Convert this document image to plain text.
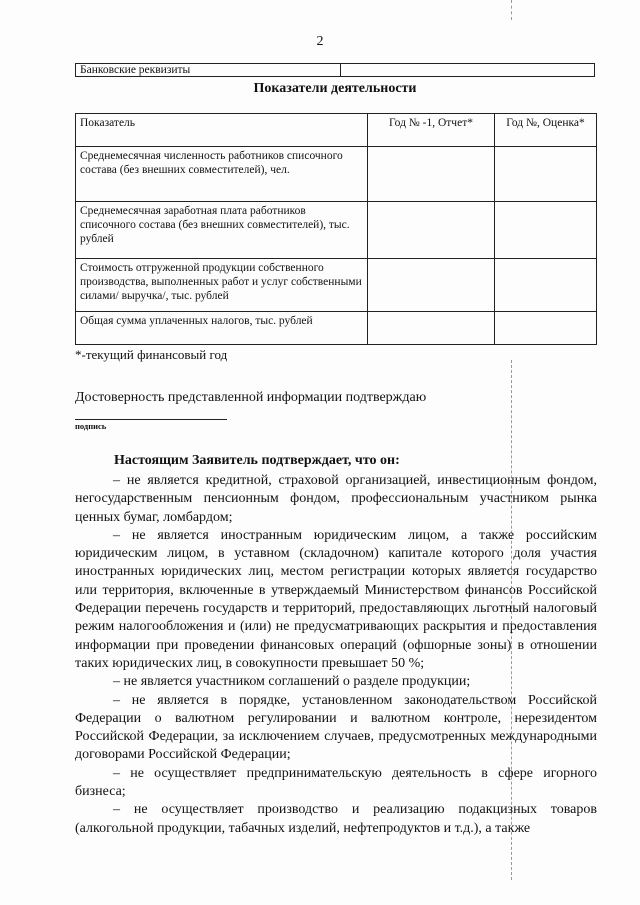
2
Банковские реквизиты
Показатели деятельности
Показатель	Год № -1, Отчет*	Год №, Оценка*
Среднемесячная численность работников списочного состава (без внешних совместителей), чел.		
Среднемесячная заработная плата работников списочного состава (без внешних совместителей), тыс. рублей		
Стоимость отгруженной продукции собственного производства, выполненных работ и услуг собственными силами/ выручка/, тыс. рублей		
Общая сумма уплаченных налогов, тыс. рублей		
*-текущий финансовый год
Достоверность представленной информации подтверждаю
подпись
Настоящим Заявитель подтверждает, что он:

– не является кредитной, страховой организацией, инвестиционным фондом, негосударственным пенсионным фондом, профессиональным участником рынка ценных бумаг, ломбардом;

– не является иностранным юридическим лицом, а также российским юридическим лицом, в уставном (складочном) капитале которого доля участия иностранных юридических лиц, местом регистрации которых является государство или территория, включенные в утверждаемый Министерством финансов Российской Федерации перечень государств и территорий, предоставляющих льготный налоговый режим налогообложения и (или) не предусматривающих раскрытия и предоставления информации при проведении финансовых операций (офшорные зоны) в отношении таких юридических лиц, в совокупности превышает 50 %;

– не является участником соглашений о разделе продукции;

– не является в порядке, установленном законодательством Российской Федерации о валютном регулировании и валютном контроле, нерезидентом Российской Федерации, за исключением случаев, предусмотренных международными договорами Российской Федерации;

– не осуществляет предпринимательскую деятельность в сфере игорного бизнеса;

– не осуществляет производство и реализацию подакцизных товаров (алкогольной продукции, табачных изделий, нефтепродуктов и т.д.), а также
